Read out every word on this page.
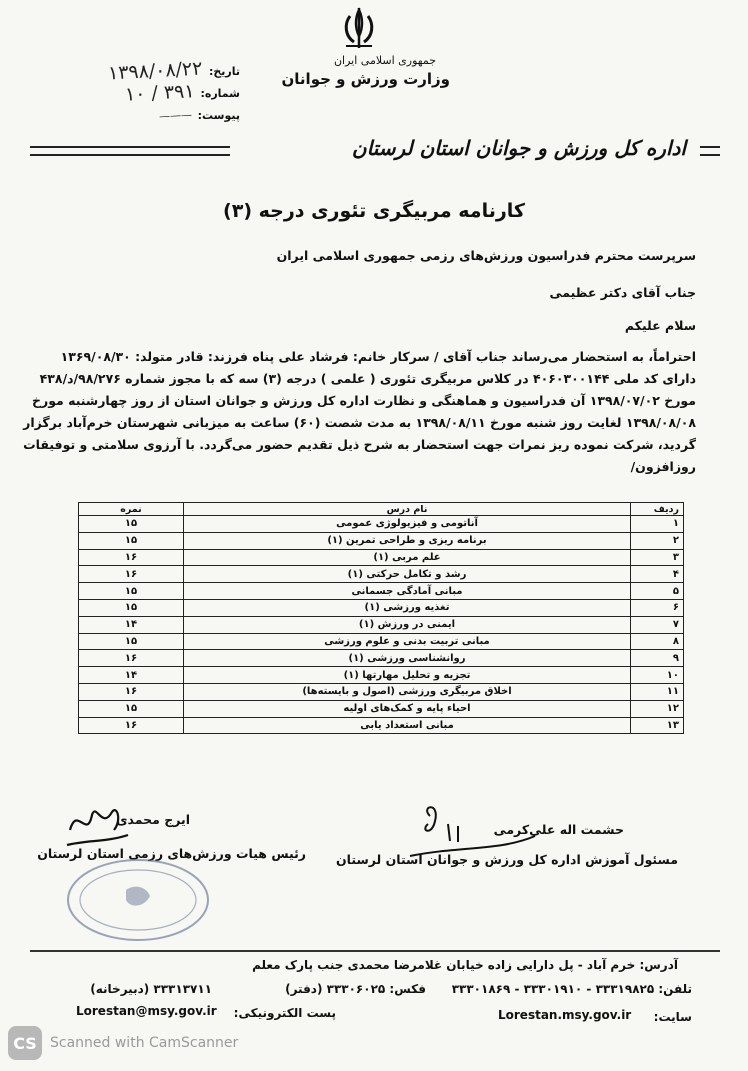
جمهوری اسلامی ایران
وزارت ورزش و جوانان
تاریخ:
۱۳۹۸/۰۸/۲۲
شماره:
۳۹۱ / ۱۰
پیوست:
———
اداره کل ورزش و جوانان استان لرستان
کارنامه مربیگری تئوری درجه (۳)
سرپرست محترم فدراسیون ورزش‌های رزمی جمهوری اسلامی ایران
جناب آقای دکتر عظیمی
سلام علیکم
احتراماً، به استحضار می‌رساند جناب آقای / سرکار خانم: فرشاد علی پناه فرزند: قادر متولد: ۱۳۶۹/۰۸/۳۰
دارای کد ملی ۴۰۶۰۳۰۰۱۴۴ در کلاس مربیگری تئوری ( علمی ) درجه (۳) سه که با مجوز شماره ۹۸/۲۷۶/د/۴۳۸
مورخ ۱۳۹۸/۰۷/۰۲ آن فدراسیون و هماهنگی و نظارت اداره کل ورزش و جوانان استان از روز چهارشنبه مورخ
۱۳۹۸/۰۸/۰۸ لغایت روز شنبه مورخ ۱۳۹۸/۰۸/۱۱ به مدت شصت (۶۰) ساعت به میزبانی شهرستان خرم‌آباد برگزار
گردید، شرکت نموده ریز نمرات جهت استحضار به شرح ذیل تقدیم حضور می‌گردد. با آرزوی سلامتی و توفیقات
روزافزون/
ردیف	نام درس	نمره
۱	آناتومی و فیزیولوژی عمومی	۱۵
۲	برنامه ریزی و طراحی تمرین (۱)	۱۵
۳	علم مربی (۱)	۱۶
۴	رشد و تکامل حرکتی (۱)	۱۶
۵	مبانی آمادگی جسمانی	۱۵
۶	تغذیه ورزشی (۱)	۱۵
۷	ایمنی در ورزش (۱)	۱۴
۸	مبانی تربیت بدنی و علوم ورزشی	۱۵
۹	روانشناسی ورزشی (۱)	۱۶
۱۰	تجزیه و تحلیل مهارتها (۱)	۱۴
۱۱	اخلاق مربیگری ورزشی (اصول و بایسته‌ها)	۱۶
۱۲	احیاء پایه و کمک‌های اولیه	۱۵
۱۳	مبانی استعداد یابی	۱۶
حشمت اله علی‌کرمی
مسئول آموزش اداره کل ورزش و جوانان استان لرستان
ایرج محمدی
رئیس هیات ورزش‌های رزمی استان لرستان
آدرس: خرم آباد - پل دارایی زاده خیابان غلامرضا محمدی جنب پارک معلم
تلفن: ۳۳۳۱۹۸۲۵ - ۳۳۳۰۱۹۱۰ - ۳۳۳۰۱۸۶۹
فکس: ۳۳۳۰۶۰۲۵ (دفتر)
۳۳۳۱۳۷۱۱ (دبیرخانه)
پست الکترونیکی:
Lorestan@msy.gov.ir	سایت:
Lorestan.msy.gov.ir
CS Scanned with CamScanner
